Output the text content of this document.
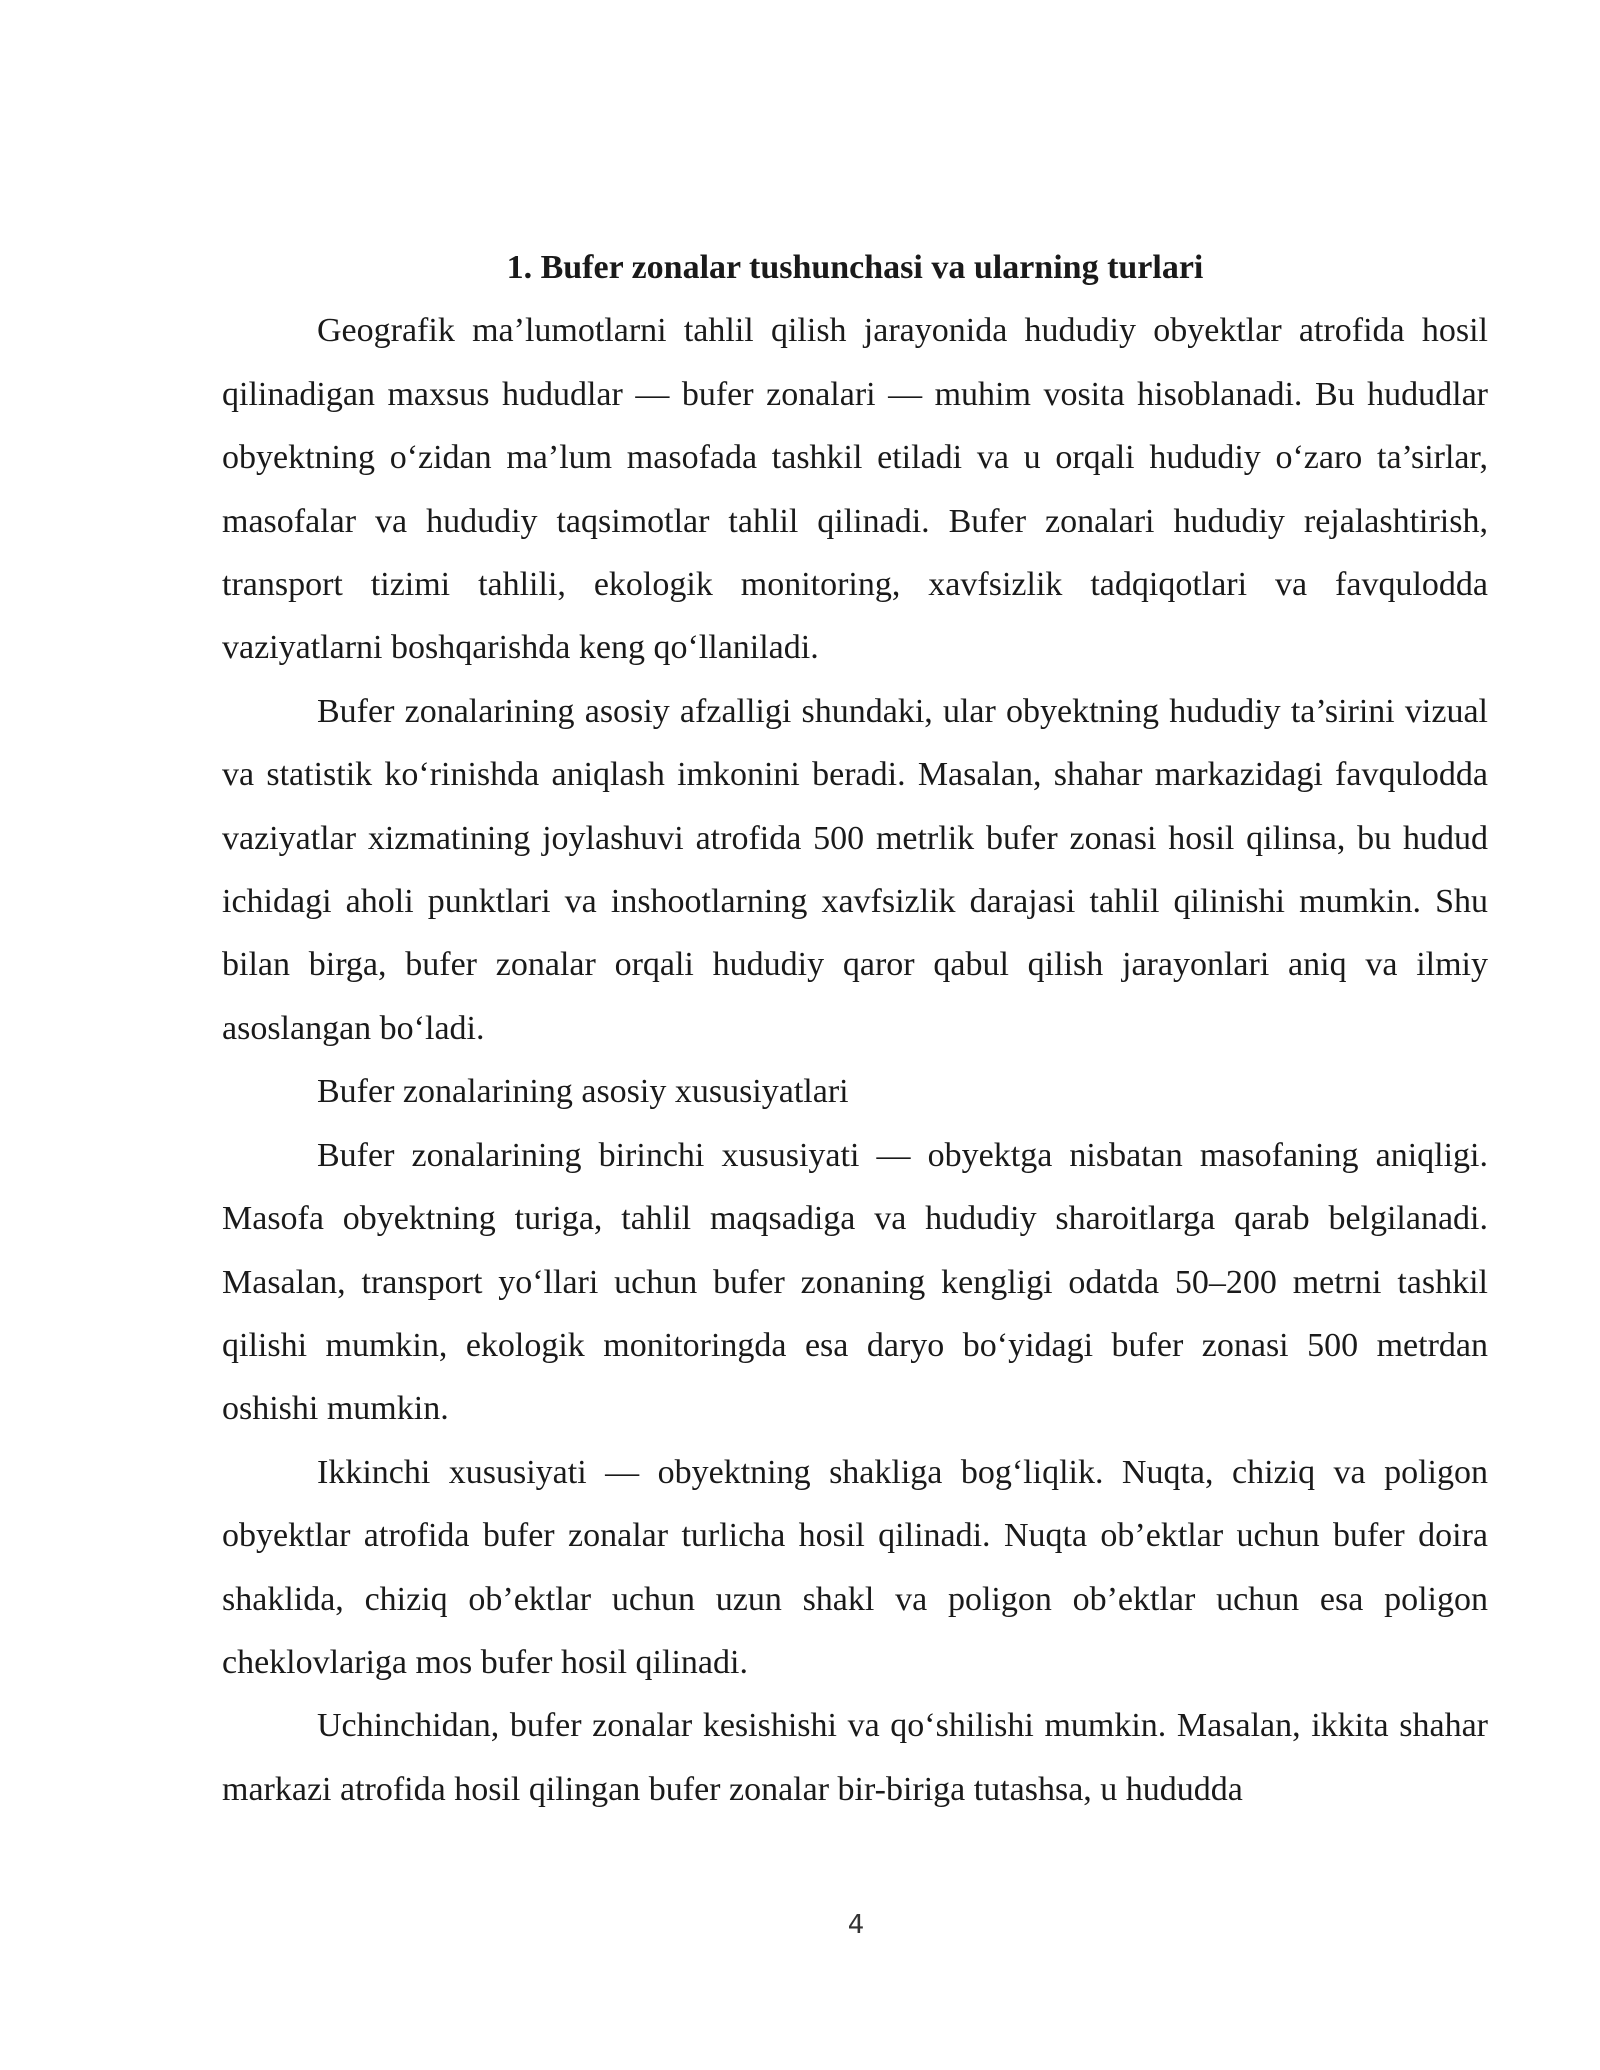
1. Bufer zonalar tushunchasi va ularning turlari

Geografik ma’lumotlarni tahlil qilish jarayonida hududiy obyektlar atrofida hosil qilinadigan maxsus hududlar — bufer zonalari — muhim vosita hisoblanadi. Bu hududlar obyektning o‘zidan ma’lum masofada tashkil etiladi va u orqali hududiy o‘zaro ta’sirlar, masofalar va hududiy taqsimotlar tahlil qilinadi. Bufer zonalari hududiy rejalashtirish, transport tizimi tahlili, ekologik monitoring, xavfsizlik tadqiqotlari va favqulodda vaziyatlarni boshqarishda keng qo‘llaniladi.

Bufer zonalarining asosiy afzalligi shundaki, ular obyektning hududiy ta’sirini vizual va statistik ko‘rinishda aniqlash imkonini beradi. Masalan, shahar markazidagi favqulodda vaziyatlar xizmatining joylashuvi atrofida 500 metrlik bufer zonasi hosil qilinsa, bu hudud ichidagi aholi punktlari va inshootlarning xavfsizlik darajasi tahlil qilinishi mumkin. Shu bilan birga, bufer zonalar orqali hududiy qaror qabul qilish jarayonlari aniq va ilmiy asoslangan bo‘ladi.

Bufer zonalarining asosiy xususiyatlari

Bufer zonalarining birinchi xususiyati — obyektga nisbatan masofaning aniqligi. Masofa obyektning turiga, tahlil maqsadiga va hududiy sharoitlarga qarab belgilanadi. Masalan, transport yo‘llari uchun bufer zonaning kengligi odatda 50–200 metrni tashkil qilishi mumkin, ekologik monitoringda esa daryo bo‘yidagi bufer zonasi 500 metrdan oshishi mumkin.

Ikkinchi xususiyati — obyektning shakliga bog‘liqlik. Nuqta, chiziq va poligon obyektlar atrofida bufer zonalar turlicha hosil qilinadi. Nuqta ob’ektlar uchun bufer doira shaklida, chiziq ob’ektlar uchun uzun shakl va poligon ob’ektlar uchun esa poligon cheklovlariga mos bufer hosil qilinadi.

Uchinchidan, bufer zonalar kesishishi va qo‘shilishi mumkin. Masalan, ikkita shahar markazi atrofida hosil qilingan bufer zonalar bir-biriga tutashsa, u hududda

4
